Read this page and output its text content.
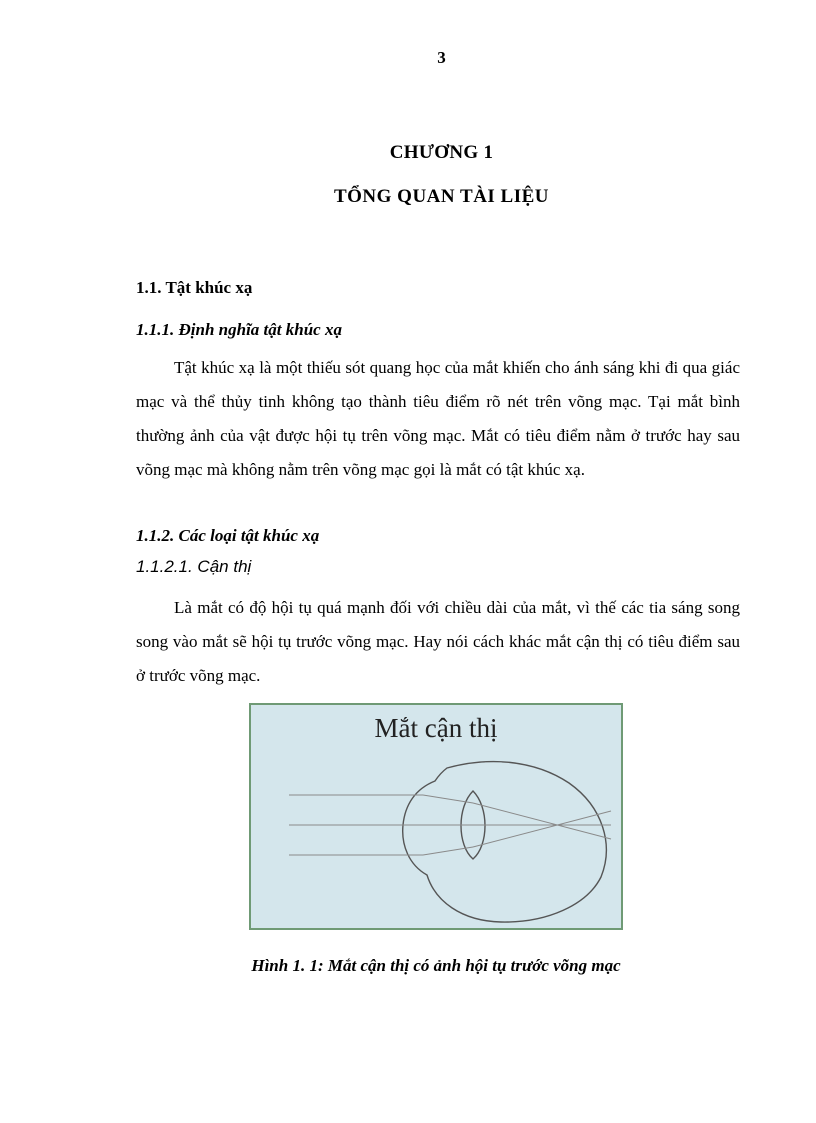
3
CHƯƠNG 1
TỔNG QUAN TÀI LIỆU
1.1. Tật khúc xạ
1.1.1. Định nghĩa tật khúc xạ

Tật khúc xạ là một thiếu sót quang học của mắt khiến cho ánh sáng khi đi qua giác mạc và thể thủy tinh không tạo thành tiêu điểm rõ nét trên võng mạc. Tại mắt bình thường ảnh của vật được hội tụ trên võng mạc. Mắt có tiêu điểm nằm ở trước hay sau võng mạc mà không nằm trên võng mạc gọi là mắt có tật khúc xạ.

1.1.2. Các loại tật khúc xạ
1.1.2.1. Cận thị

Là mắt có độ hội tụ quá mạnh đối với chiều dài của mắt, vì thế các tia sáng song song vào mắt sẽ hội tụ trước võng mạc. Hay nói cách khác mắt cận thị có tiêu điểm sau ở trước võng mạc.

Mắt cận thị
Hình 1. 1: Mắt cận thị có ảnh hội tụ trước võng mạc
